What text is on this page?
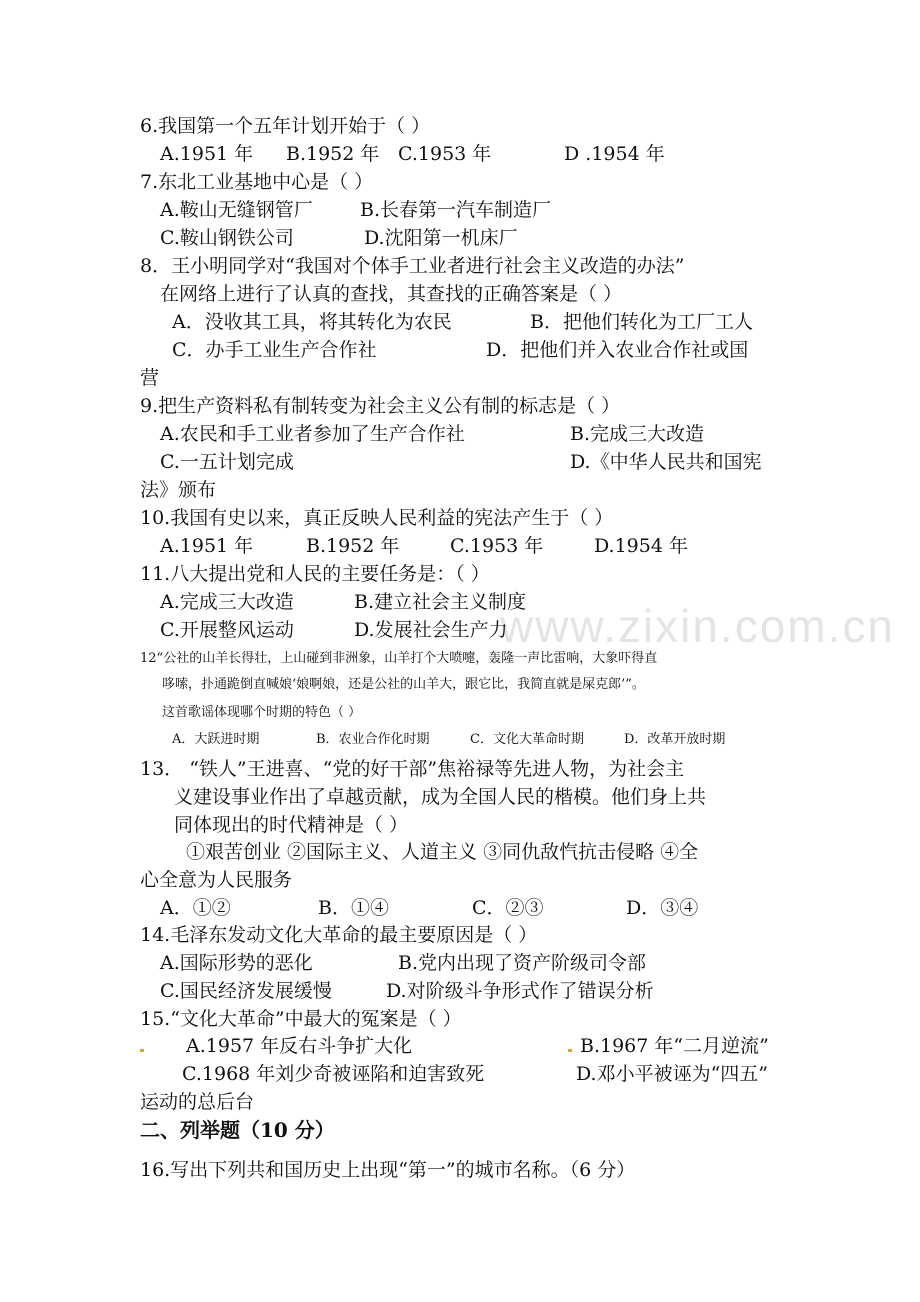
www.zixin.com.cn
6.我国第一个五年计划开始于（ ）
A.1951 年 B.1952 年 C.1953 年	D .1954 年
7.东北工业基地中心是（ ）
A.鞍山无缝钢管厂 B.长春第一汽车制造厂
C.鞍山钢铁公司	D.沈阳第一机床厂
8．王小明同学对“我国对个体手工业者进行社会主义改造的办法”
在网络上进行了认真的查找，其查找的正确答案是（ ）
A．没收其工具，将其转化为农民	B．把他们转化为工厂工人
C．办手工业生产合作社	D．把他们并入农业合作社或国
营
9.把生产资料私有制转变为社会主义公有制的标志是（ ）
A.农民和手工业者参加了生产合作社	B.完成三大改造
C.一五计划完成	D.《中华人民共和国宪
法》颁布
10.我国有史以来，真正反映人民利益的宪法产生于（ ）
A.1951 年	B.1952 年	C.1953 年	D.1954 年
11.八大提出党和人民的主要任务是：（ ）
A.完成三大改造	B.建立社会主义制度
C.开展整风运动	D.发展社会生产力
12“公社的山羊长得壮，上山碰到非洲象，山羊打个大喷嚏，轰隆一声比雷响，大象吓得直
哆嗦，扑通跪倒直喊娘‘娘啊娘，还是公社的山羊大，跟它比，我简直就是屎克郎’”。
这首歌谣体现哪个时期的特色（ ）
A．大跃进时期	B．农业合作化时期	C．文化大革命时期	D．改革开放时期
13． “铁人”王进喜、“党的好干部”焦裕禄等先进人物，为社会主
义建设事业作出了卓越贡献，成为全国人民的楷模。他们身上共
同体现出的时代精神是（ ）
①艰苦创业 ②国际主义、人道主义 ③同仇敌忾抗击侵略 ④全
心全意为人民服务
A．①②	B．①④	C．②③	D．③④
14.毛泽东发动文化大革命的最主要原因是（ ）
A.国际形势的恶化	B.党内出现了资产阶级司令部
C.国民经济发展缓慢	D.对阶级斗争形式作了错误分析
15.“文化大革命”中最大的冤案是（ ）
A.1957 年反右斗争扩大化	B.1967 年“二月逆流”
C.1968 年刘少奇被诬陷和迫害致死	D.邓小平被诬为“四五”
运动的总后台
二、列举题（10 分）
16.写出下列共和国历史上出现“第一”的城市名称。（6 分）
